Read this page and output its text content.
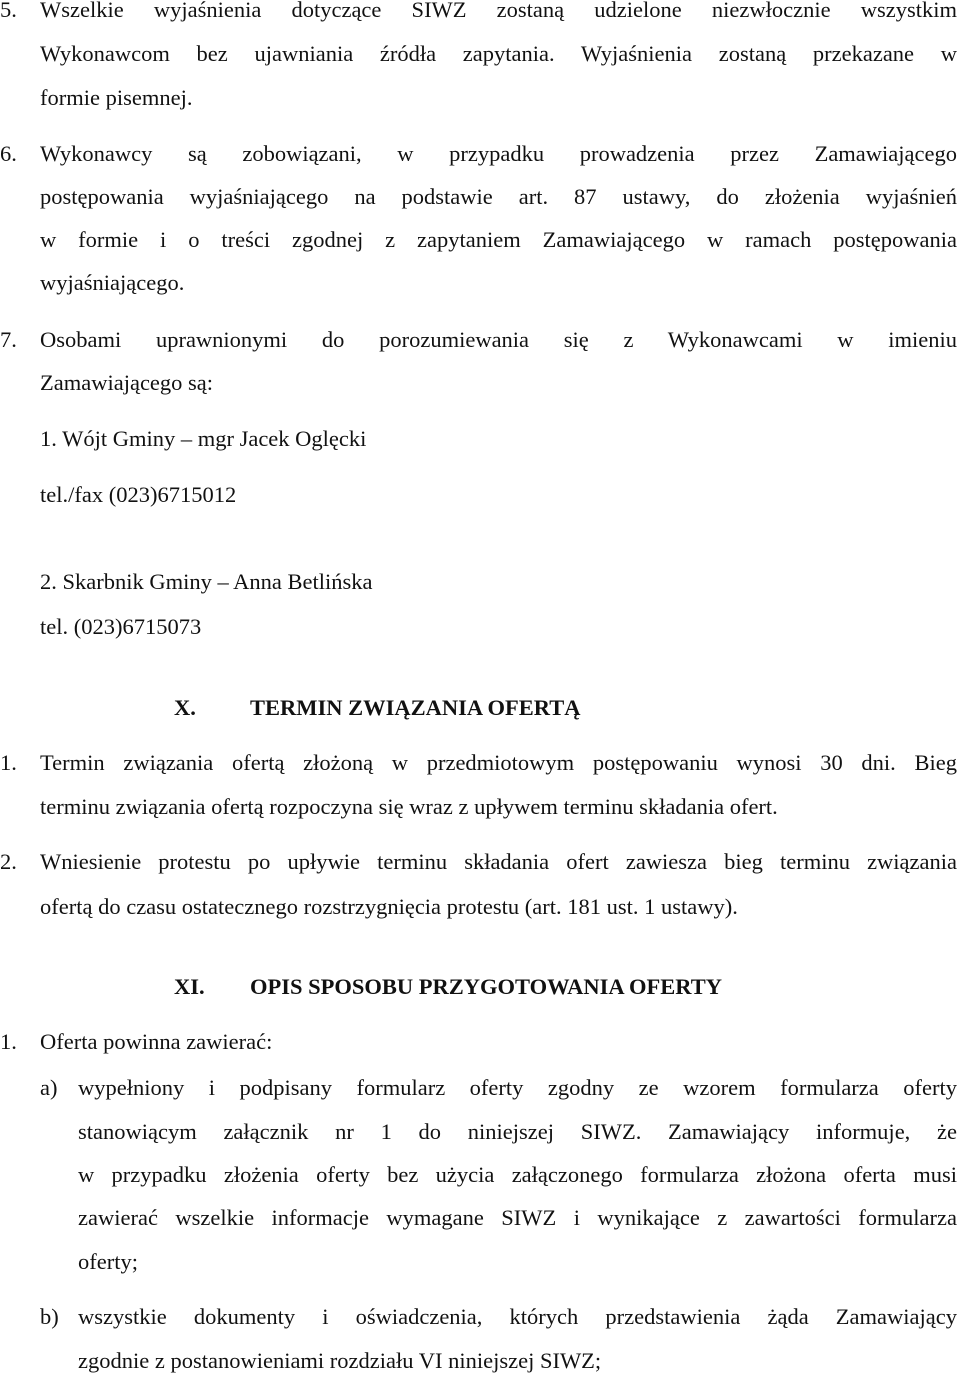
5.	Wszelkie wyjaśnienia dotyczące SIWZ zostaną udzielone niezwłocznie wszystkim
Wykonawcom bez ujawniania źródła zapytania. Wyjaśnienia zostaną przekazane w
formie pisemnej.
6.	Wykonawcy są zobowiązani, w przypadku prowadzenia przez Zamawiającego
postępowania wyjaśniającego na podstawie art. 87 ustawy, do złożenia wyjaśnień
w formie i o treści zgodnej z zapytaniem Zamawiającego w ramach postępowania
wyjaśniającego.
7.	Osobami uprawnionymi do porozumiewania się z Wykonawcami w imieniu
Zamawiającego są:
1. Wójt Gminy – mgr Jacek Oglęcki
tel./fax (023)6715012
2. Skarbnik Gminy – Anna Betlińska
tel. (023)6715073
X. TERMIN ZWIĄZANIA OFERTĄ
1.	Termin związania ofertą złożoną w przedmiotowym postępowaniu wynosi 30 dni. Bieg
terminu związania ofertą rozpoczyna się wraz z upływem terminu składania ofert.
2.	Wniesienie protestu po upływie terminu składania ofert zawiesza bieg terminu związania
ofertą do czasu ostatecznego rozstrzygnięcia protestu (art. 181 ust. 1 ustawy).
XI. OPIS SPOSOBU PRZYGOTOWANIA OFERTY
1.	Oferta powinna zawierać:
a) wypełniony i podpisany formularz oferty zgodny ze wzorem formularza oferty
stanowiącym załącznik nr 1 do niniejszej SIWZ. Zamawiający informuje, że
w przypadku złożenia oferty bez użycia załączonego formularza złożona oferta musi
zawierać wszelkie informacje wymagane SIWZ i wynikające z zawartości formularza
oferty;
b) wszystkie dokumenty i oświadczenia, których przedstawienia żąda Zamawiający
zgodnie z postanowieniami rozdziału VI niniejszej SIWZ;
